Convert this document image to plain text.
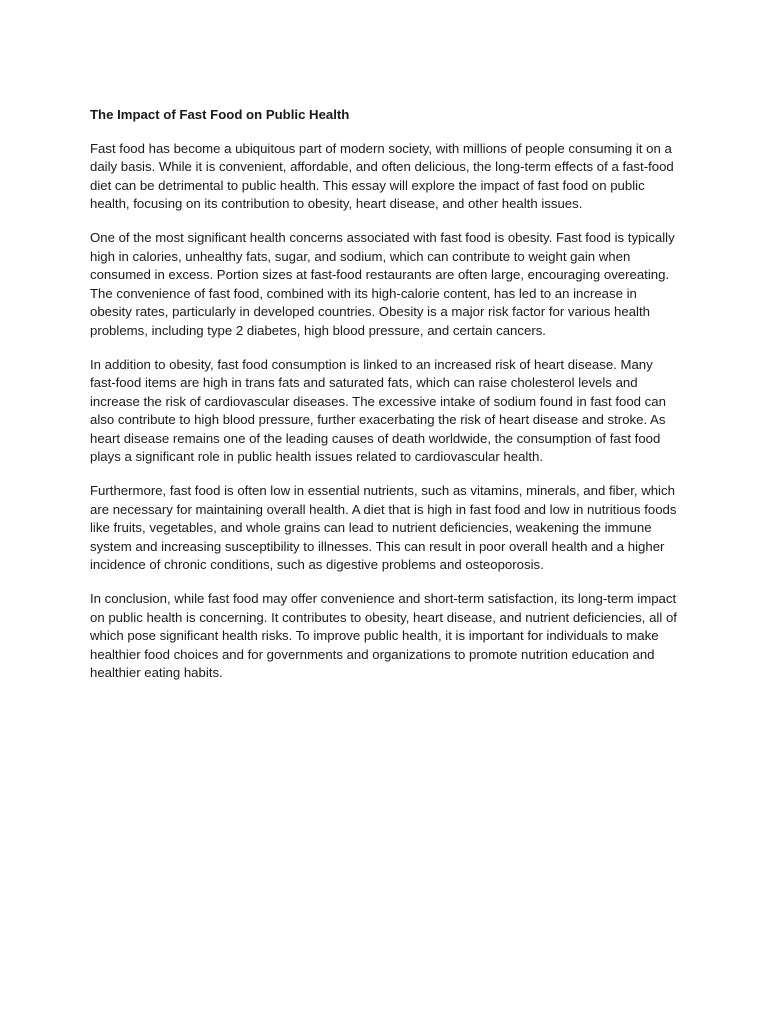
The Impact of Fast Food on Public Health

Fast food has become a ubiquitous part of modern society, with millions of people consuming it on a daily basis. While it is convenient, affordable, and often delicious, the long-term effects of a fast-food diet can be detrimental to public health. This essay will explore the impact of fast food on public health, focusing on its contribution to obesity, heart disease, and other health issues.

One of the most significant health concerns associated with fast food is obesity. Fast food is typically high in calories, unhealthy fats, sugar, and sodium, which can contribute to weight gain when consumed in excess. Portion sizes at fast-food restaurants are often large, encouraging overeating. The convenience of fast food, combined with its high-calorie content, has led to an increase in obesity rates, particularly in developed countries. Obesity is a major risk factor for various health problems, including type 2 diabetes, high blood pressure, and certain cancers.

In addition to obesity, fast food consumption is linked to an increased risk of heart disease. Many fast-food items are high in trans fats and saturated fats, which can raise cholesterol levels and increase the risk of cardiovascular diseases. The excessive intake of sodium found in fast food can also contribute to high blood pressure, further exacerbating the risk of heart disease and stroke. As heart disease remains one of the leading causes of death worldwide, the consumption of fast food plays a significant role in public health issues related to cardiovascular health.

Furthermore, fast food is often low in essential nutrients, such as vitamins, minerals, and fiber, which are necessary for maintaining overall health. A diet that is high in fast food and low in nutritious foods like fruits, vegetables, and whole grains can lead to nutrient deficiencies, weakening the immune system and increasing susceptibility to illnesses. This can result in poor overall health and a higher incidence of chronic conditions, such as digestive problems and osteoporosis.

In conclusion, while fast food may offer convenience and short-term satisfaction, its long-term impact on public health is concerning. It contributes to obesity, heart disease, and nutrient deficiencies, all of which pose significant health risks. To improve public health, it is important for individuals to make healthier food choices and for governments and organizations to promote nutrition education and healthier eating habits.
